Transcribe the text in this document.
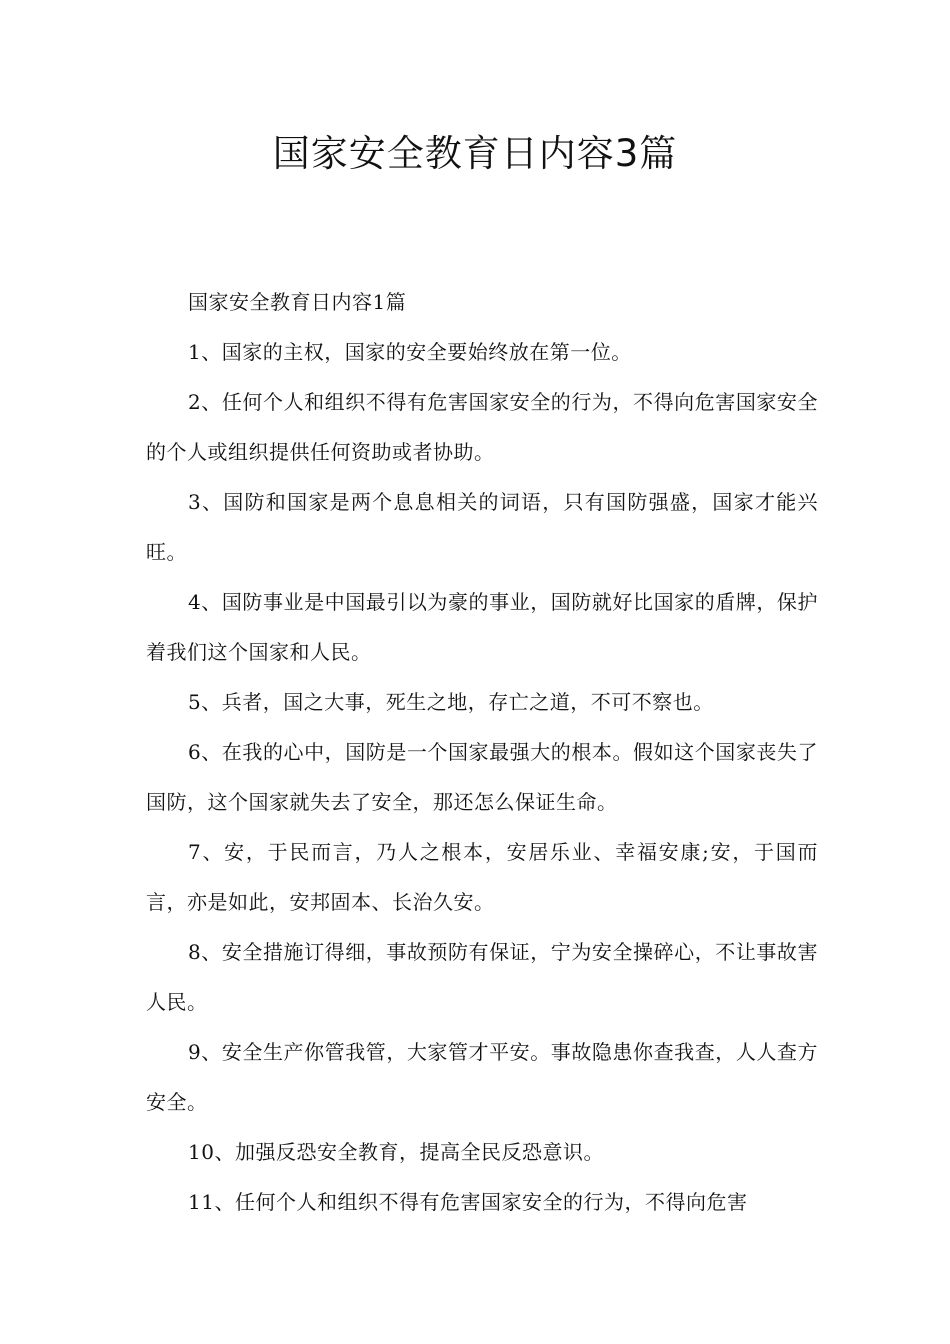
国家安全教育日内容3篇

国家安全教育日内容1篇

1、国家的主权，国家的安全要始终放在第一位。

2、任何个人和组织不得有危害国家安全的行为，不得向危害国家安全的个人或组织提供任何资助或者协助。

3、国防和国家是两个息息相关的词语，只有国防强盛，国家才能兴旺。

4、国防事业是中国最引以为豪的事业，国防就好比国家的盾牌，保护着我们这个国家和人民。

5、兵者，国之大事，死生之地，存亡之道，不可不察也。

6、在我的心中，国防是一个国家最强大的根本。假如这个国家丧失了国防，这个国家就失去了安全，那还怎么保证生命。

7、安，于民而言，乃人之根本，安居乐业、幸福安康;安，于国而言，亦是如此，安邦固本、长治久安。

8、安全措施订得细，事故预防有保证，宁为安全操碎心，不让事故害人民。

9、安全生产你管我管，大家管才平安。事故隐患你查我查，人人查方安全。

10、加强反恐安全教育，提高全民反恐意识。

11、任何个人和组织不得有危害国家安全的行为，不得向危害
